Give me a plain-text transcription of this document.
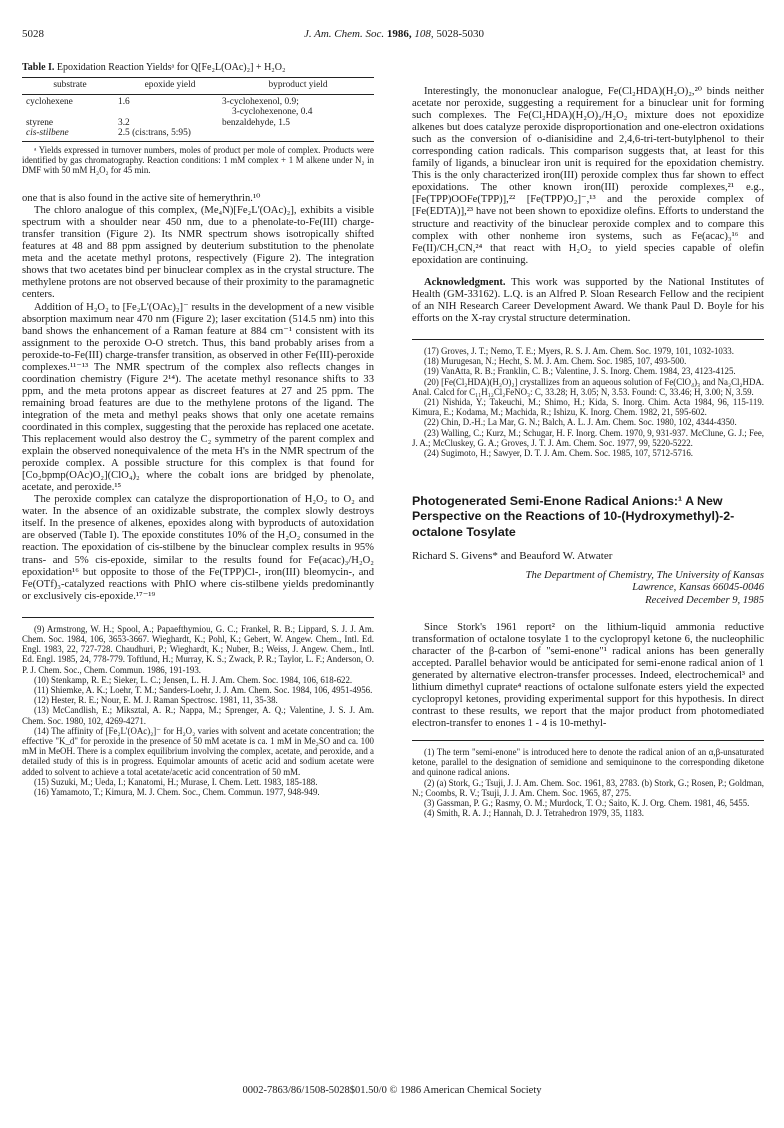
5028	J. Am. Chem. Soc. 1986, 108, 5028-5030
Table I. Epoxidation Reaction Yieldsᵃ for Q[Fe₂L(OAc)₂] + H₂O₂
substrate	epoxide yield	byproduct yield
cyclohexene	1.6	3-cyclohexenol, 0.9;
		3-cyclohexenone, 0.4
styrene	3.2	benzaldehyde, 1.5
cis-stilbene	2.5 (cis:trans, 5:95)	
ᵃ Yields expressed in turnover numbers, moles of product per mole of complex. Products were identified by gas chromatography. Reaction conditions: 1 mM complex + 1 M alkene under N₂ in DMF with 50 mM H₂O₂ for 45 min.

one that is also found in the active site of hemerythrin.¹⁰

The chloro analogue of this complex, (Me₄N)[Fe₂L'(OAc)₂], exhibits a visible spectrum with a shoulder near 450 nm, due to a phenolate-to-Fe(III) charge-transfer transition (Figure 2). Its NMR spectrum shows isotropically shifted features at 48 and 88 ppm assigned by deuterium substitution to the phenolate meta and the acetate methyl protons, respectively (Figure 2). The integration shows that two acetates bind per binuclear complex as in the crystal structure. The methylene protons are not observed because of their proximity to the paramagnetic centers.

Addition of H₂O₂ to [Fe₂L'(OAc)₂]⁻ results in the development of a new visible absorption maximum near 470 nm (Figure 2); laser excitation (514.5 nm) into this band shows the enhancement of a Raman feature at 884 cm⁻¹ consistent with its assignment to the peroxide O-O stretch. Thus, this band probably arises from a peroxide-to-Fe(III) charge-transfer transition, as observed in other Fe(III)-peroxide complexes.¹¹⁻¹³ The NMR spectrum of the complex also reflects changes in coordination chemistry (Figure 2¹⁴). The acetate methyl resonance shifts to 33 ppm, and the meta protons appear as discreet features at 27 and 25 ppm. The remaining broad features are due to the methylene protons of the ligand. The integration of the meta and methyl peaks shows that only one acetate remains coordinated in this complex, suggesting that the peroxide has replaced one acetate. This replacement would also destroy the C₂ symmetry of the parent complex and explain the observed nonequivalence of the meta H's in the NMR spectrum of the peroxide complex. A possible structure for this complex is that found for [Co₂bpmp(OAc)O₂](ClO₄)₂ where the cobalt ions are bridged by phenolate, acetate, and peroxide.¹⁵

The peroxide complex can catalyze the disproportionation of H₂O₂ to O₂ and water. In the absence of an oxidizable substrate, the complex slowly destroys itself. In the presence of alkenes, epoxides along with byproducts of autoxidation are observed (Table I). The epoxide constitutes 10% of the H₂O₂ consumed in the reaction. The epoxidation of cis-stilbene by the binuclear complex results in 95% trans- and 5% cis-epoxide, similar to the results found for Fe(acac)₃/H₂O₂ epoxidation¹⁶ but opposite to those of the Fe(TPP)Cl-, iron(III) bleomycin-, and Fe(OTf)₃-catalyzed reactions with PhIO where cis-stilbene yields predominantly or exclusively cis-epoxide.¹⁷⁻¹⁹

(9) Armstrong, W. H.; Spool, A.; Papaefthymiou, G. C.; Frankel, R. B.; Lippard, S. J. J. Am. Chem. Soc. 1984, 106, 3653-3667. Wieghardt, K.; Pohl, K.; Gebert, W. Angew. Chem., Intl. Ed. Engl. 1983, 22, 727-728. Chaudhuri, P.; Wieghardt, K.; Nuber, B.; Weiss, J. Angew. Chem., Intl. Ed. Engl. 1985, 24, 778-779. Toftlund, H.; Murray, K. S.; Zwack, P. R.; Taylor, L. F.; Anderson, O. P. J. Chem. Soc., Chem. Commun. 1986, 191-193.
(10) Stenkamp, R. E.; Sieker, L. C.; Jensen, L. H. J. Am. Chem. Soc. 1984, 106, 618-622.
(11) Shiemke, A. K.; Loehr, T. M.; Sanders-Loehr, J. J. Am. Chem. Soc. 1984, 106, 4951-4956.
(12) Hester, R. E.; Nour, E. M. J. Raman Spectrosc. 1981, 11, 35-38.
(13) McCandlish, E.; Miksztal, A. R.; Nappa, M.; Sprenger, A. Q.; Valentine, J. S. J. Am. Chem. Soc. 1980, 102, 4269-4271.
(14) The affinity of [Fe₂L'(OAc)₂]⁻ for H₂O₂ varies with solvent and acetate concentration; the effective "K_d" for peroxide in the presence of 50 mM acetate is ca. 1 mM in Me₂SO and ca. 100 mM in MeOH. There is a complex equilibrium involving the complex, acetate, and peroxide, and a detailed study of this is in progress. Equimolar amounts of acetic acid and sodium acetate were added to solvent to achieve a total acetate/acetic acid concentration of 50 mM.
(15) Suzuki, M.; Ueda, I.; Kanatomi, H.; Murase, I. Chem. Lett. 1983, 185-188.
(16) Yamamoto, T.; Kimura, M. J. Chem. Soc., Chem. Commun. 1977, 948-949.

Interestingly, the mononuclear analogue, Fe(Cl₂HDA)(H₂O)₂,²⁰ binds neither acetate nor peroxide, suggesting a requirement for a binuclear unit for forming such complexes. The Fe(Cl₂HDA)(H₂O)₂/H₂O₂ mixture does not epoxidize alkenes but does catalyze peroxide disproportionation and one-electron oxidations such as the conversion of o-dianisidine and 2,4,6-tri-tert-butylphenol to their corresponding cation radicals. This comparison suggests that, at least for this family of ligands, a binuclear iron unit is required for the epoxidation chemistry. This is the only characterized iron(III) peroxide complex thus far shown to effect epoxidations. The other known iron(III) peroxide complexes,²¹ e.g., [Fe(TPP)OOFe(TPP)],²² [Fe(TPP)O₂]⁻,¹³ and the peroxide complex of [Fe(EDTA)],²³ have not been shown to epoxidize olefins. Efforts to understand the structure and reactivity of the binuclear peroxide complex and to compare this complex with other nonheme iron systems, such as Fe(acac)₃¹⁶ and Fe(II)/CH₃CN,²⁴ that react with H₂O₂ to yield species capable of olefin epoxidation are continuing.

Acknowledgment. This work was supported by the National Institutes of Health (GM-33162). L.Q. is an Alfred P. Sloan Research Fellow and the recipient of an NIH Research Career Development Award. We thank Paul D. Boyle for his efforts on the X-ray crystal structure determination.

(17) Groves, J. T.; Nemo, T. E.; Myers, R. S. J. Am. Chem. Soc. 1979, 101, 1032-1033.
(18) Murugesan, N.; Hecht, S. M. J. Am. Chem. Soc. 1985, 107, 493-500.
(19) VanAtta, R. B.; Franklin, C. B.; Valentine, J. S. Inorg. Chem. 1984, 23, 4123-4125.
(20) [Fe(Cl₂HDA)(H₂O)₂] crystallizes from an aqueous solution of Fe(ClO₄)₃ and Na₂Cl₂HDA. Anal. Calcd for C₁₁H₁₂Cl₂FeNO₃: C, 33.28; H, 3.05; N, 3.53. Found: C, 33.46; H, 3.00; N, 3.59.
(21) Nishida, Y.; Takeuchi, M.; Shimo, H.; Kida, S. Inorg. Chim. Acta 1984, 96, 115-119. Kimura, E.; Kodama, M.; Machida, R.; Ishizu, K. Inorg. Chem. 1982, 21, 595-602.
(22) Chin, D.-H.; La Mar, G. N.; Balch, A. L. J. Am. Chem. Soc. 1980, 102, 4344-4350.
(23) Walling, C.; Kurz, M.; Schugar, H. F. Inorg. Chem. 1970, 9, 931-937. McClune, G. J.; Fee, J. A.; McCluskey, G. A.; Groves, J. T. J. Am. Chem. Soc. 1977, 99, 5220-5222.
(24) Sugimoto, H.; Sawyer, D. T. J. Am. Chem. Soc. 1985, 107, 5712-5716.
Photogenerated Semi-Enone Radical Anions:¹ A New Perspective on the Reactions of 10-(Hydroxymethyl)-2-octalone Tosylate
Richard S. Givens* and Beauford W. Atwater
The Department of Chemistry, The University of Kansas
Lawrence, Kansas 66045-0046
Received December 9, 1985

Since Stork's 1961 report² on the lithium-liquid ammonia reductive transformation of octalone tosylate 1 to the cyclopropyl ketone 6, the nucleophilic character of the β-carbon of "semi-enone"¹ radical anions has been generally accepted. Parallel behavior would be anticipated for semi-enone radical anion of 1 generated by alternative electron-transfer processes. Indeed, electrochemical³ and lithium dimethyl cuprate⁴ reactions of octalone sulfonate esters yield the expected cyclopropyl ketones, providing experimental support for this hypothesis. In direct contrast to these results, we report that the major product from photomediated electron-transfer to enones 1 - 4 is 10-methyl-

(1) The term "semi-enone" is introduced here to denote the radical anion of an α,β-unsaturated ketone, parallel to the designation of semidione and semiquinone to the corresponding diketone and quinone radical anions.
(2) (a) Stork, G.; Tsuji, J. J. Am. Chem. Soc. 1961, 83, 2783. (b) Stork, G.; Rosen, P.; Goldman, N.; Coombs, R. V.; Tsuji, J. J. Am. Chem. Soc. 1965, 87, 275.
(3) Gassman, P. G.; Rasmy, O. M.; Murdock, T. O.; Saito, K. J. Org. Chem. 1981, 46, 5455.
(4) Smith, R. A. J.; Hannah, D. J. Tetrahedron 1979, 35, 1183.
0002-7863/86/1508-5028$01.50/0 © 1986 American Chemical Society
